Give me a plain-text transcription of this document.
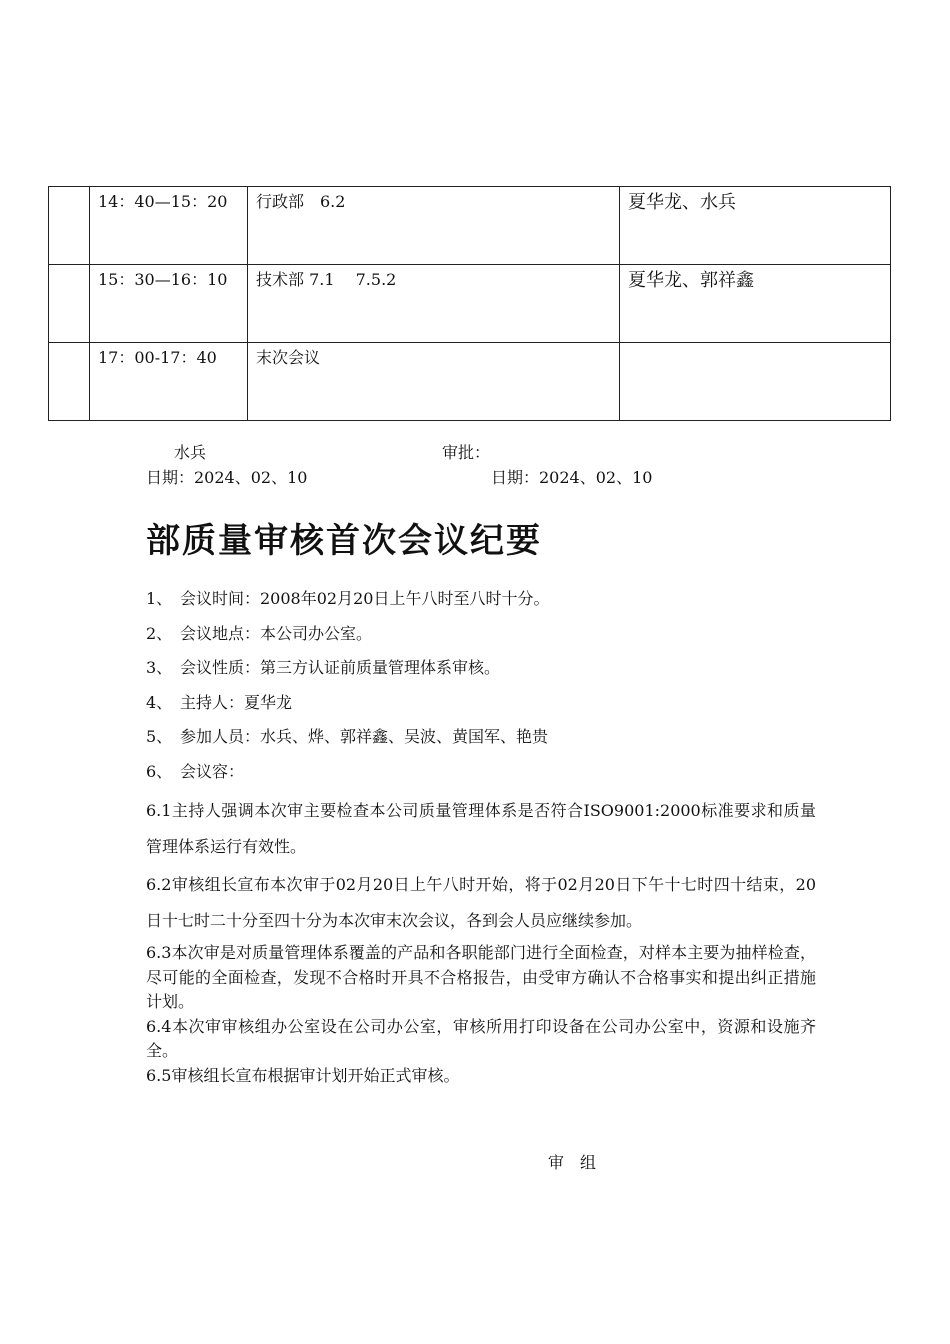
	14：40—15：20	行政部　6.2	夏华龙、水兵
	15：30—16：10	技术部 7.1　 7.5.2	夏华龙、郭祥鑫
	17：00-17：40	末次会议	
水兵	审批：
日期：2024、02、10	日期：2024、02、10
部质量审核首次会议纪要
1、 会议时间：2008年02月20日上午八时至八时十分。
2、 会议地点：本公司办公室。
3、 会议性质：第三方认证前质量管理体系审核。
4、 主持人：夏华龙
5、 参加人员：水兵、烨、郭祥鑫、吴波、黄国军、艳贵
6、 会议容：

6.1主持人强调本次审主要检查本公司质量管理体系是否符合ISO9001:2000标准要求和质量管理体系运行有效性。

6.2审核组长宣布本次审于02月20日上午八时开始，将于02月20日下午十七时四十结束，20日十七时二十分至四十分为本次审末次会议，各到会人员应继续参加。

6.3本次审是对质量管理体系覆盖的产品和各职能部门进行全面检查，对样本主要为抽样检查，尽可能的全面检查，发现不合格时开具不合格报告，由受审方确认不合格事实和提出纠正措施计划。

6.4本次审审核组办公室设在公司办公室，审核所用打印设备在公司办公室中，资源和设施齐全。

6.5审核组长宣布根据审计划开始正式审核。

审　组
